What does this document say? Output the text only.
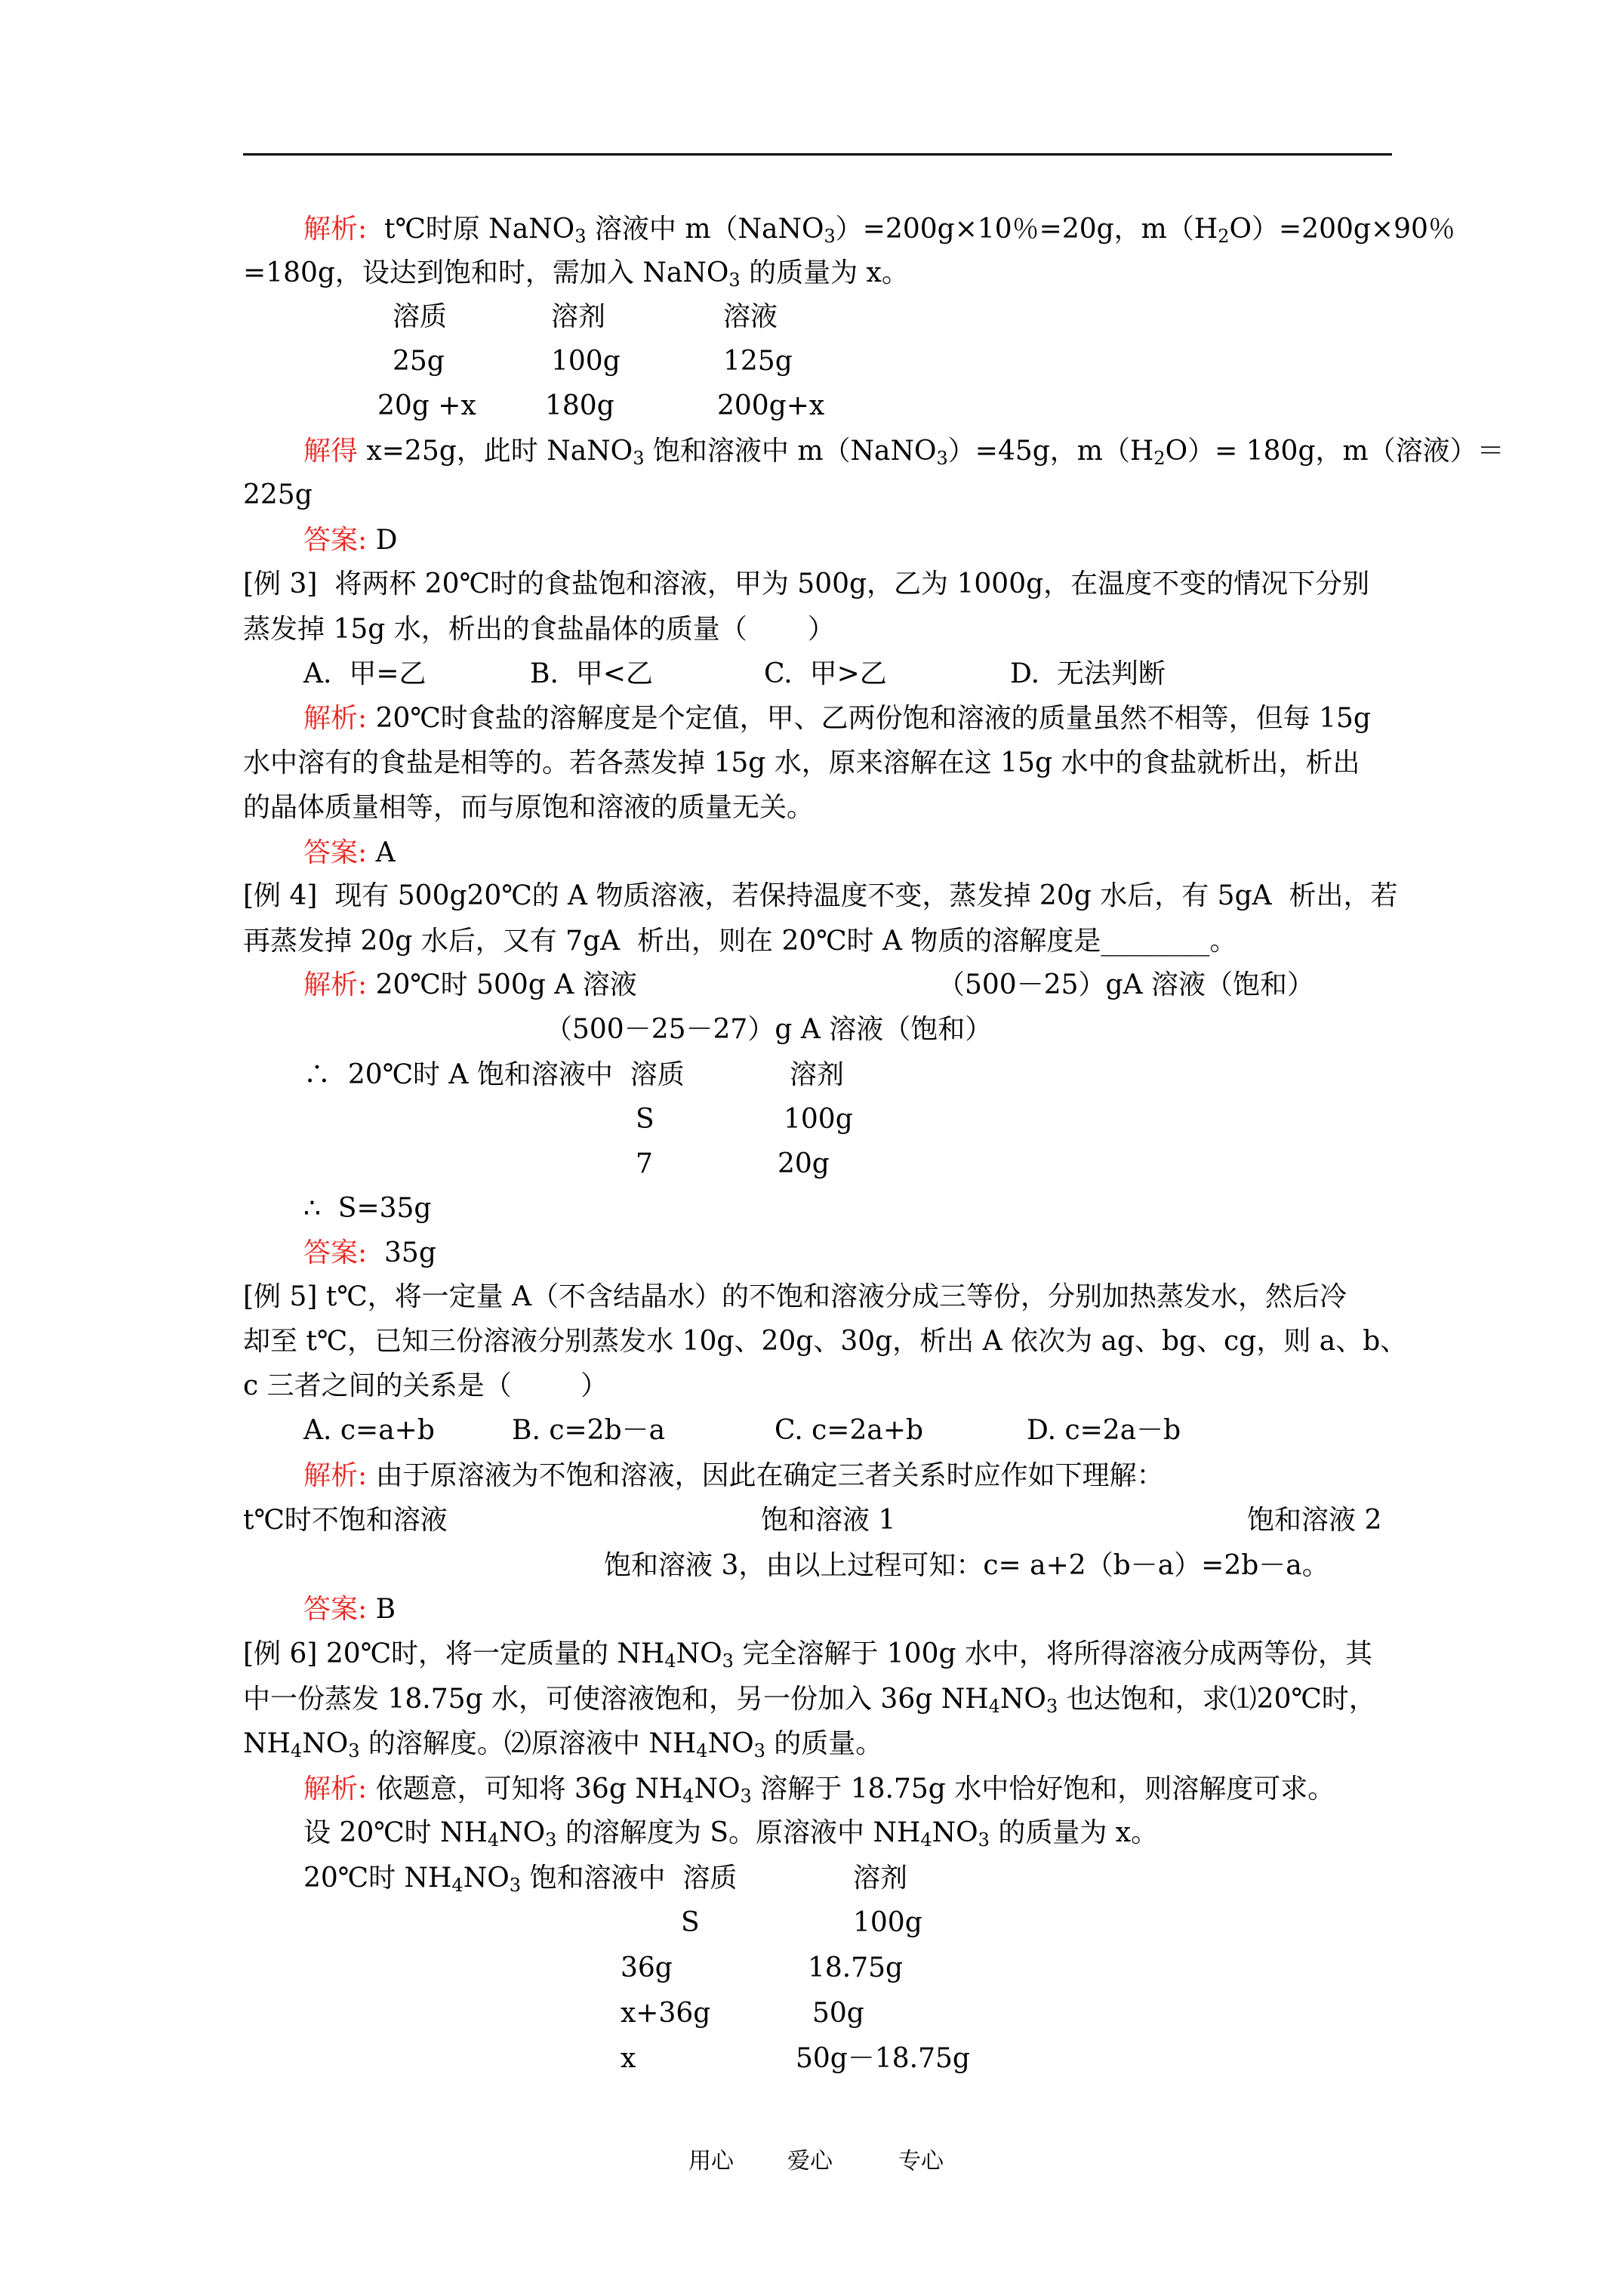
解析:  t℃时原 NaNO$_3$ 溶液中 m（NaNO$_3$）=200g×10％=20g，$m(H_2O)=200g\times 90$％
=180g，设达到饱和时，需加入 NaNO$_3$ 的质量为 x。
溶质	溶剂	溶液
25g	100g	125g
20g +x	180g	200g+x
解得 x=25g，此时 NaNO$_3$ 饱和溶液中 m（NaNO$_3$）=45g，$m(H_2O)= 180g$，m（溶液）＝
225g
答案: D
[例 3]  将两杯 20℃时的食盐饱和溶液，甲为 500g，乙为 1000g，在温度不变的情况下分别
蒸发掉 15g 水，析出的食盐晶体的质量（       ）
A.  甲=乙	B.  甲<乙	C.  甲>乙	D.  无法判断
解析: 20℃时食盐的溶解度是个定值，甲、乙两份饱和溶液的质量虽然不相等，但每 15g
水中溶有的食盐是相等的。若各蒸发掉 15g 水，原来溶解在这 15g 水中的食盐就析出，析出
的晶体质量相等，而与原饱和溶液的质量无关。
答案: A
[例 4]  现有 500g20℃的 A 物质溶液，若保持温度不变，蒸发掉 20g 水后，有 5gA  析出，若
再蒸发掉 20g 水后，又有 7gA  析出，则在 20℃时 A 物质的溶解度是________。
解析: 20℃时 500g A 溶液	（500－25）gA 溶液（饱和）
（500－25－27）g A 溶液（饱和）
∴  20℃时 A 饱和溶液中  溶质	溶剂
S	100g
7	20g
∴  S=35g
答案:  35g
[例 5] t℃，将一定量 A（不含结晶水）的不饱和溶液分成三等份，分别加热蒸发水，然后冷
却至 t℃，已知三份溶液分别蒸发水 10g、20g、30g，析出 A 依次为 ag、bg、cg，则 a、b、
c 三者之间的关系是（        ）
A. c=a+b	B. c=2b－a	C. c=2a+b	D. c=2a－b
解析: 由于原溶液为不饱和溶液，因此在确定三者关系时应作如下理解：
t℃时不饱和溶液	饱和溶液 1	饱和溶液 2
饱和溶液 3，由以上过程可知：c= a+2（b－a）=2b－a。
答案: B
[例 6] 20℃时，将一定质量的 $NH_4NO_3$ 完全溶解于 100g 水中，将所得溶液分成两等份，其
中一份蒸发 18.75g 水，可使溶液饱和，另一份加入 36g $NH_4NO_3$ 也达饱和，求⑴20℃时，
$NH_4NO_3$ 的溶解度。⑵原溶液中 $NH_4NO_3$ 的质量。
解析: 依题意，可知将 36g $NH_4NO_3$ 溶解于 18.75g 水中恰好饱和，则溶解度可求。
设 20℃时 $NH_4NO_3$ 的溶解度为 S。原溶液中 $NH_4NO_3$ 的质量为 x。
20℃时 $NH_4NO_3$ 饱和溶液中  溶质	溶剂
S	100g
36g	18.75g
x+36g	50g
x	50g－18.75g
用心 爱心	专心
